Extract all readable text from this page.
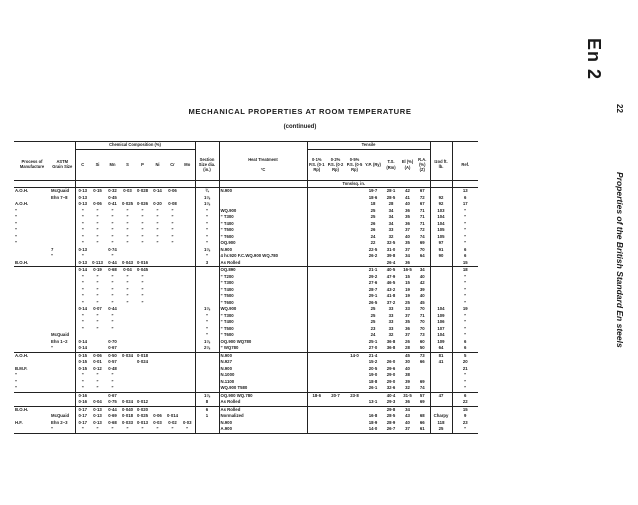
En 2
22
Properties of the British Standard En steels
MECHANICAL PROPERTIES AT ROOM TEMPERATURE
(continued)
		Chemical Composition (%)										Tensile								
Process of Manufacture	ASTM Grain Size	C	Si	Mn	S	P	Ni	Cr	Mo	Section Size dia. (in.)	Heat Treatment

°C	0·1% P.S. (0·1 Rp)	0·2% P.S. (0·2 Rp)	0·5% P.S. (0·5 Rp)	Y.P. (Ry)	T.S. (Rm)	El (%) (A)	R.A. (%) (Z)	Izod ft. lb.	Ref.
												Tons/sq. in.								
A.O.H.	McQuaid	0·13	0·15	0·32	0·03	0·028	0·14	0·06		¾	N.900				19·7	28·1	42	67		13
	Ehn 7–8	0·13		0·45						1⅛					18·6	28·5	41	72	92	6
A.O.H.		0·13	0·06	0·41	0·025	0·026	0·20	0·08		1⅛					18	28	40	67	92	17
”		”	”	”	”	”	”	”		”	WQ.900				25	34	36	71	103	”
”		”	”	”	”	”	”	”		”	” T300				25	34	35	71	104	”
”		”	”	”	”	”	”	”		”	” T400				26	34	36	71	104	”
”		”	”	”	”	”	”	”		”	” T500				26	33	37	72	105	”
”		”	”	”	”	”	”	”		”	” T600				24	32	40	74	105	”
”		”	”	”	”	”	”	”		”	OQ.900				22	32·5	35	69	97	”
	7	0·13		0·74						1⅛	N.900				22·5	31·0	37	70	91	6
	”	”		”						”	4 hr.920 F.C.WQ.900 WQ.780				26·2	39·8	34	64	90	6
B.O.H.		0·13	0·113	0·44	0·043	0·016				3	As Rolled					26·4	36			15
		0·14	0·19	0·68	0·04	0·045					OQ.890				21·1	40·5	16·5	34		18
		”	”	”	”	”					” T200				29·2	47·9	15	40		”
		”	”	”	”	”					” T300				27·6	46·5	15	42		”
		”	”	”	”	”					” T400				28·7	43·2	19	39		”
		”	”	”	”	”					” T500				29·1	41·8	19	40		”
		”	”	”	”	”					” T600				26·5	37·2	25	45		”
		0·14	0·07	0·44						1⅛	WQ.900				25	33	33	70	104	19
		”	”	”						”	” T300				25	33	37	71	109	”
		”	”	”						”	” T400				25	33	35	70	106	”
		”	”	”						”	” T500				23	33	36	70	107	”
	McQuaid									”	” T600				24	32	37	73	104	”
	Ehn 1–2	0·14		0·70						1⅛	OQ.900 WQ780				25·1	36·8	26	60	109	6
	”	0·14		0·67						2⅛	” WQ780				27·0	36·8	28	50	64	6
A.O.H.		0·15	0·06	0·50	0·034	0·018					N.900			14·0	21·4		45	73	81	5
		0·15	0·01	0·57		0·024					N.927				15·2	26·0	30	66	41	20
B.M.F.		0·15	0·12	0·48							N.900				20·5	29·6	40			21
”		”	”	”							N.1000				19·0	29·0	38			”
”		”	”	”							N.1100				18·8	29·0	39	69		”
”		”	”	”							WQ.900 T580				26·1	32·6	32	74		”
		0·16		0·67						1⅛	OQ.900 WQ.780	18·6	20·7	23·8		40·4	31·5	57	47	6
		0·16	0·04	0·75	0·024	0·012				8	As Rolled				13·1	29·3	36	69		22
B.O.H.		0·17	0·13	0·44	0·040	0·020				6	As Rolled					29·8	34			15
	McQuaid	0·17	0·13	0·69	0·018	0·025	0·06	0·014		1	Normalized				16·8	28·5	43	68	Charpy	9
H.F.	Ehn 2–3	0·17	0·13	0·68	0·033	0·013	0·03	0·02	0·03		N.900				18·9	28·9	40	66	118	23
	”	”	”	”	”	”	”	”	”		A.900				14·0	26·7	37	61	25	”
